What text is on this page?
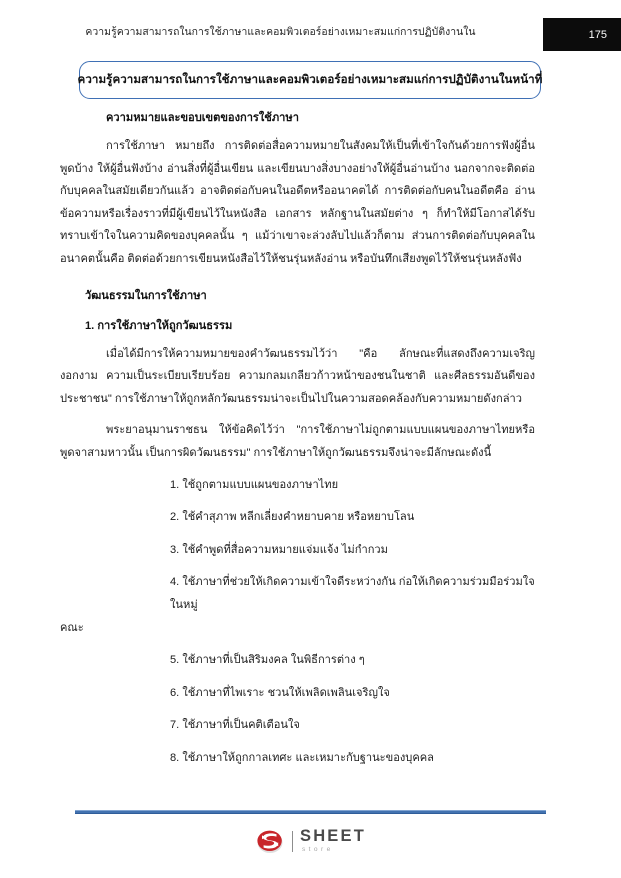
ความรู้ความสามารถในการใช้ภาษาและคอมพิวเตอร์อย่างเหมาะสมแก่การปฏิบัติงานใน	175
ความรู้ความสามารถในการใช้ภาษาและคอมพิวเตอร์อย่างเหมาะสมแก่การปฏิบัติงานในหน้าที่
ความหมายและขอบเขตของการใช้ภาษา

การใช้ภาษา หมายถึง การติดต่อสื่อความหมายในสังคมให้เป็นที่เข้าใจกันด้วยการฟังผู้อื่นพูดบ้าง ให้ผู้อื่นฟังบ้าง อ่านสิ่งที่ผู้อื่นเขียน และเขียนบางสิ่งบางอย่างให้ผู้อื่นอ่านบ้าง นอกจากจะติดต่อกับบุคคลในสมัยเดียวกันแล้ว อาจติดต่อกับคนในอดีตหรืออนาคตได้ การติดต่อกับคนในอดีตคือ อ่านข้อความหรือเรื่องราวที่มีผู้เขียนไว้ในหนังสือ เอกสาร หลักฐานในสมัยต่าง ๆ ก็ทำให้มีโอกาสได้รับทราบเข้าใจในความคิดของบุคคลนั้น ๆ แม้ว่าเขาจะล่วงลับไปแล้วก็ตาม ส่วนการติดต่อกับบุคคลในอนาคตนั้นคือ ติดต่อด้วยการเขียนหนังสือไว้ให้ชนรุ่นหลังอ่าน หรือบันทึกเสียงพูดไว้ให้ชนรุ่นหลังฟัง

วัฒนธรรมในการใช้ภาษา
1. การใช้ภาษาให้ถูกวัฒนธรรม

เมื่อได้มีการให้ความหมายของคำวัฒนธรรมไว้ว่า "คือ ลักษณะที่แสดงถึงความเจริญงอกงาม ความเป็นระเบียบเรียบร้อย ความกลมเกลียวก้าวหน้าของชนในชาติ และศีลธรรมอันดีของประชาชน" การใช้ภาษาให้ถูกหลักวัฒนธรรมน่าจะเป็นไปในความสอดคล้องกับความหมายดังกล่าว

พระยาอนุมานราชธน ให้ข้อคิดไว้ว่า "การใช้ภาษาไม่ถูกตามแบบแผนของภาษาไทยหรือพูดจาสามหาวนั้น เป็นการผิดวัฒนธรรม" การใช้ภาษาให้ถูกวัฒนธรรมจึงน่าจะมีลักษณะดังนี้

1. ใช้ถูกตามแบบแผนของภาษาไทย
2. ใช้คำสุภาพ หลีกเลี่ยงคำหยาบคาย หรือหยาบโลน
3. ใช้คำพูดที่สื่อความหมายแจ่มแจ้ง ไม่กำกวม
4. ใช้ภาษาที่ช่วยให้เกิดความเข้าใจดีระหว่างกัน ก่อให้เกิดความร่วมมือร่วมใจในหมู่
คณะ
5. ใช้ภาษาที่เป็นสิริมงคล ในพิธีการต่าง ๆ
6. ใช้ภาษาที่ไพเราะ ชวนให้เพลิดเพลินเจริญใจ
7. ใช้ภาษาที่เป็นคติเตือนใจ
8. ใช้ภาษาให้ถูกกาลเทศะ และเหมาะกับฐานะของบุคคล
SHEET
store
